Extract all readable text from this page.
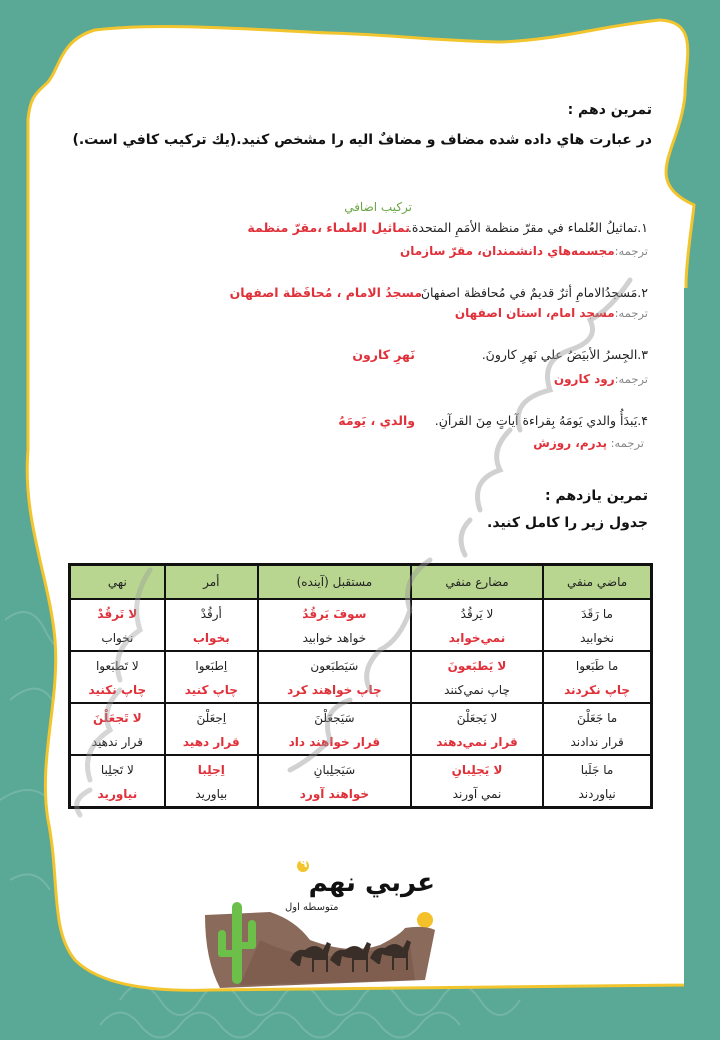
تمرين دهم :
در عبارت هاي داده شده مضاف و مضافٌ اليه را مشخص كنيد.(يك تركيب كافي است.)
تركيب اضافي
١.تماثيلُ العُلماء في مقرّ منظمة الأمَمِ المتحدة.
تماثيل العلماء ،مقرّ منظمة
ترجمه:مجسمه‌هاي دانشمندان، مقرّ سازمان
٢.مَسجدُالامامِ أثرٌ قديمٌ في مُحافظة اصفهانَ.
مسجدُ الامام ، مُحافَظة اصفهان
ترجمه:مسجد امام، استان اصفهان
٣.الجِسرُ الأبيَضُ علي نَهرِ كارونَ.
نَهرِ كارون
ترجمه:رود كارون
۴.يَبدَأُ والدي يَومَهُ بِقراءة آياتٍ مِنَ القرآنِ.
والدي ، يَومَهُ
ترجمه: پدرم، روزش
تمرين يازدهم :
جدول زير را كامل كنيد.
ماضي منفي	مضارع منفي	مستقبل (آينده)	أمر	نهي
ما رَقَدَ	لا يَرقُدُ	سوفَ يَرقُدُ	أرقُدْ	لا تَرقُدْ
نخوابيد	نمي‌خوابد	خواهد خوابيد	بخواب	نخواب
ما طَبَعوا	لا يَطبَعونَ	سَيَطبَعون	اِطبَعوا	لا تَطبَعوا
چاپ نكردند	چاپ نمي‌كنند	چاپ خواهند كرد	چاپ كنيد	چاپ نكنيد
ما جَعَلْنَ	لا يَجعَلْنَ	سَيَجعَلْنَ	اِجعَلْنَ	لا تَجعَلْنَ
قرار ندادند	قرار نمي‌دهند	قرار خواهند داد	قرار دهيد	قرار ندهيد
ما جَلَبا	لا يَجلِبانِ	سَيَجلِبانِ	اِجلِبا	لا تَجلِبا
نياوردند	نمي آورند	خواهند آورد	بياوريد	نياوريد
٩
عربي نهم
متوسطه اول
